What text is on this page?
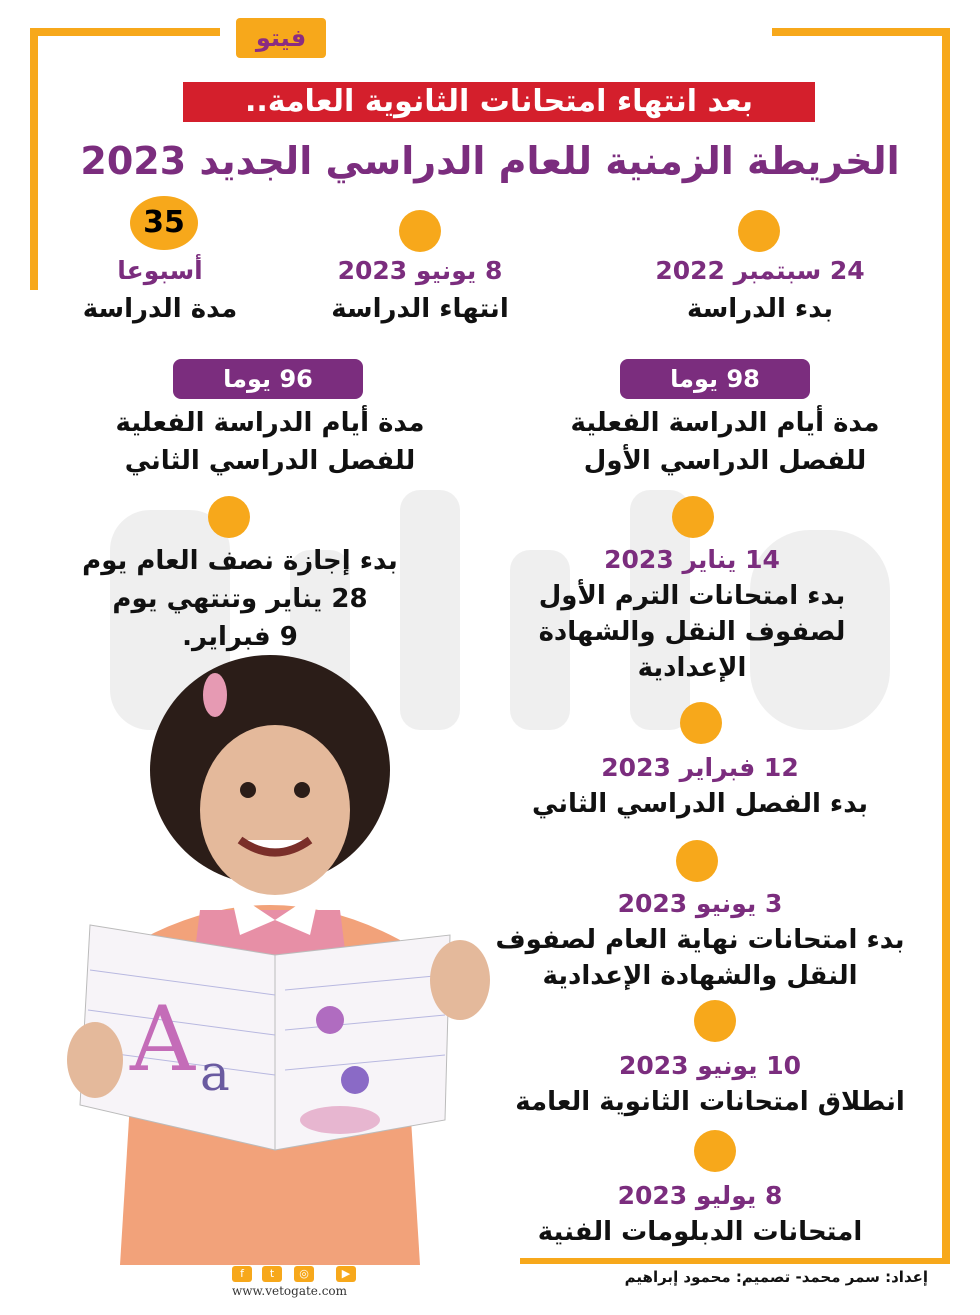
فيتو
بعد انتهاء امتحانات الثانوية العامة..
الخريطة الزمنية للعام الدراسي الجديد 2023
24 سبتمبر 2022
بدء الدراسة
8 يونيو 2023
انتهاء الدراسة
35
أسبوعا
مدة الدراسة
98 يوما
مدة أيام الدراسة الفعلية
للفصل الدراسي الأول
96 يوما
مدة أيام الدراسة الفعلية
للفصل الدراسي الثاني
بدء إجازة نصف العام يوم
28 يناير وتنتهي يوم
9 فبراير.
14 يناير 2023
بدء امتحانات الترم الأول
لصفوف النقل والشهادة
الإعدادية
12 فبراير 2023
بدء الفصل الدراسي الثاني
3 يونيو 2023
بدء امتحانات نهاية العام لصفوف
النقل والشهادة الإعدادية
10 يونيو 2023
انطلاق امتحانات الثانوية العامة
8 يوليو 2023
امتحانات الدبلومات الفنية
A a
إعداد: سمر محمد- تصميم: محمود إبراهيم
f	t	◎	▶
www.vetogate.com
